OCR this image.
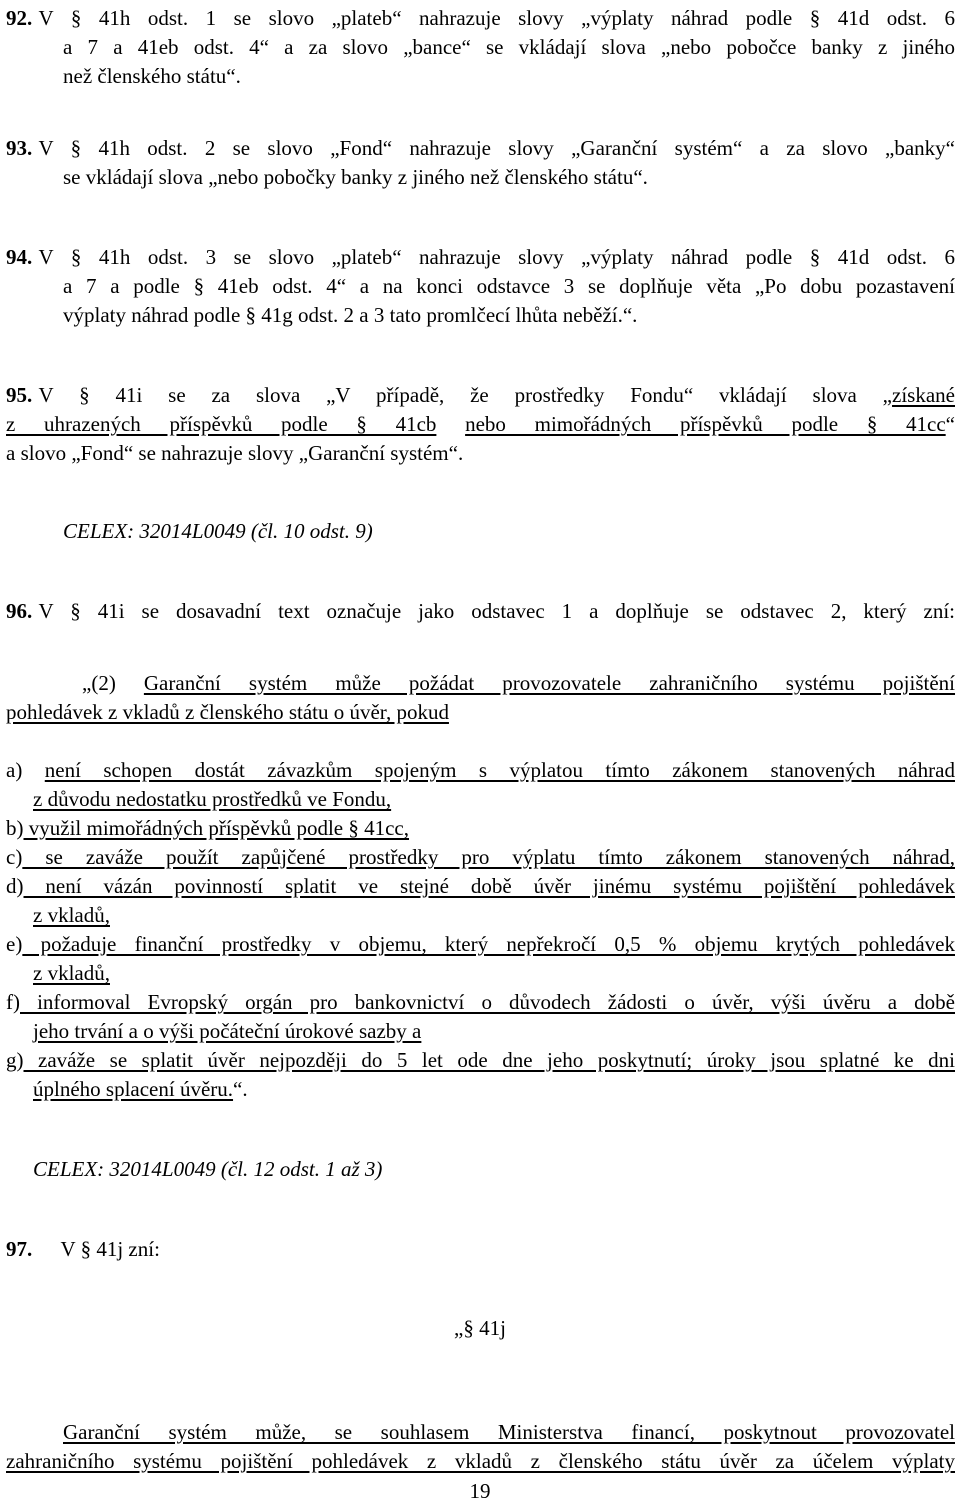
92. V § 41h odst. 1 se slovo „plateb“ nahrazuje slovy „výplaty náhrad podle § 41d odst. 6
a 7 a 41eb odst. 4“ a za slovo „bance“ se vkládají slova „nebo pobočce banky z jiného
než členského státu“.
93. V § 41h odst. 2 se slovo „Fond“ nahrazuje slovy „Garanční systém“ a za slovo „banky“
se vkládají slova „nebo pobočky banky z jiného než členského státu“.
94. V § 41h odst. 3 se slovo „plateb“ nahrazuje slovy „výplaty náhrad podle § 41d odst. 6
a 7 a podle § 41eb odst. 4“ a na konci odstavce 3 se doplňuje věta „Po dobu pozastavení
výplaty náhrad podle § 41g odst. 2 a 3 tato promlčecí lhůta neběží.“.
95. V § 41i se za slova „V případě, že prostředky Fondu“ vkládají slova „získané
z uhrazených příspěvků podle § 41cb nebo mimořádných příspěvků podle § 41cc“
a slovo „Fond“ se nahrazuje slovy „Garanční systém“.
CELEX: 32014L0049 (čl. 10 odst. 9)
96. V § 41i se dosavadní text označuje jako odstavec 1 a doplňuje se odstavec 2, který zní:
„(2) Garanční systém může požádat provozovatele zahraničního systému pojištění
pohledávek z vkladů z členského státu o úvěr, pokud
a) není schopen dostát závazkům spojeným s výplatou tímto zákonem stanovených náhrad
z důvodu nedostatku prostředků ve Fondu,
b) využil mimořádných příspěvků podle § 41cc,
c) se zaváže použít zapůjčené prostředky pro výplatu tímto zákonem stanovených náhrad,
d) není vázán povinností splatit ve stejné době úvěr jinému systému pojištění pohledávek
z vkladů,
e) požaduje finanční prostředky v objemu, který nepřekročí 0,5 % objemu krytých pohledávek
z vkladů,
f) informoval Evropský orgán pro bankovnictví o důvodech žádosti o úvěr, výši úvěru a době
jeho trvání a o výši počáteční úrokové sazby a
g) zaváže se splatit úvěr nejpozději do 5 let ode dne jeho poskytnutí; úroky jsou splatné ke dni
úplného splacení úvěru.“.
CELEX: 32014L0049 (čl. 12 odst. 1 až 3)
97. V § 41j zní:
„§ 41j
Garanční systém může, se souhlasem Ministerstva financí, poskytnout provozovatel
zahraničního systému pojištění pohledávek z vkladů z členského státu úvěr za účelem výplaty
19
